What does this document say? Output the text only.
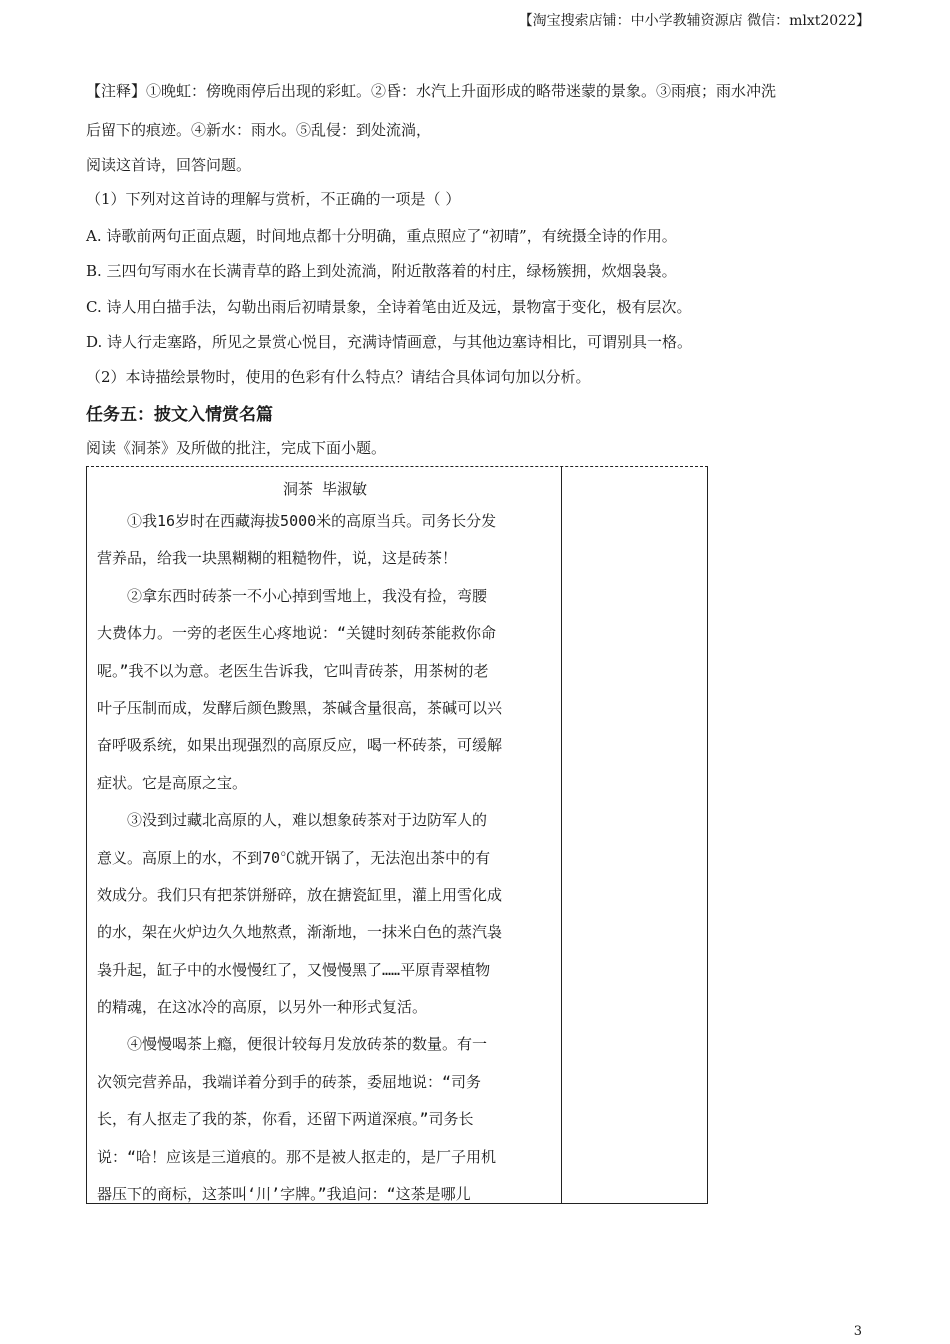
【淘宝搜索店铺：中小学教辅资源店 微信：mlxt2022】
【注释】①晚虹：傍晚雨停后出现的彩虹。②昏：水汽上升面形成的略带迷蒙的景象。③雨痕；雨水冲洗
后留下的痕迹。④新水：雨水。⑤乱侵：到处流淌，
阅读这首诗，回答问题。
（1）下列对这首诗的理解与赏析，不正确的一项是（ ）
A. 诗歌前两句正面点题，时间地点都十分明确，重点照应了“初晴”，有统摄全诗的作用。
B. 三四句写雨水在长满青草的路上到处流淌，附近散落着的村庄，绿杨簇拥，炊烟袅袅。
C. 诗人用白描手法，勾勒出雨后初晴景象，全诗着笔由近及远，景物富于变化，极有层次。
D. 诗人行走塞路，所见之景赏心悦目，充满诗情画意，与其他边塞诗相比，可谓别具一格。
（2）本诗描绘景物时，使用的色彩有什么特点？请结合具体词句加以分析。
任务五：披文入情赏名篇
阅读《洞茶》及所做的批注，完成下面小题。
洞茶 毕淑敏
①我16岁时在西藏海拔5000米的高原当兵。司务长分发
营养品，给我一块黑糊糊的粗糙物件，说，这是砖茶！
②拿东西时砖茶一不小心掉到雪地上，我没有捡，弯腰
大费体力。一旁的老医生心疼地说：“关键时刻砖茶能救你命
呢。”我不以为意。老医生告诉我，它叫青砖茶，用茶树的老
叶子压制而成，发酵后颜色黢黑，茶碱含量很高，茶碱可以兴
奋呼吸系统，如果出现强烈的高原反应，喝一杯砖茶，可缓解
症状。它是高原之宝。
③没到过藏北高原的人，难以想象砖茶对于边防军人的
意义。高原上的水，不到70℃就开锅了，无法泡出茶中的有
效成分。我们只有把茶饼掰碎，放在搪瓷缸里，灌上用雪化成
的水，架在火炉边久久地熬煮，渐渐地，一抹米白色的蒸汽袅
袅升起，缸子中的水慢慢红了，又慢慢黑了……平原青翠植物
的精魂，在这冰冷的高原，以另外一种形式复活。
④慢慢喝茶上瘾，便很计较每月发放砖茶的数量。有一
次领完营养品，我端详着分到手的砖茶，委屈地说：“司务
长，有人抠走了我的茶，你看，还留下两道深痕。”司务长
说：“哈！应该是三道痕的。那不是被人抠走的，是厂子用机
器压下的商标，这茶叫‘川’字牌。”我追问：“这茶是哪儿
3
